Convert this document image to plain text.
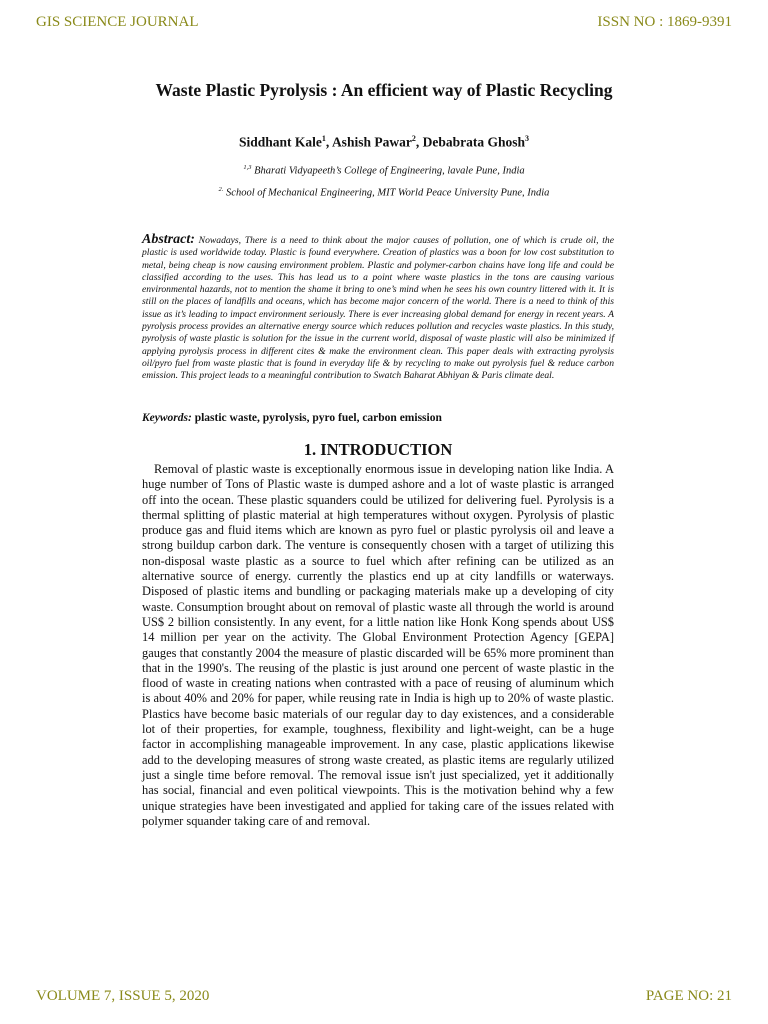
GIS SCIENCE JOURNAL	ISSN NO : 1869-9391
Waste Plastic Pyrolysis : An efficient way of Plastic Recycling
Siddhant Kale$^1$, Ashish Pawar$^2$, Debabrata Ghosh$^3$
$^{1,3}$ Bharati Vidyapeeth’s College of Engineering, lavale Pune, India
$^{2.}$ School of Mechanical Engineering, MIT World Peace University Pune, India
Abstract: Nowadays, There is a need to think about the major causes of pollution, one of which is crude oil, the plastic is used worldwide today. Plastic is found everywhere. Creation of plastics was a boon for low cost substitution to metal, being cheap is now causing environment problem. Plastic and polymer-carbon chains have long life and could be classified according to the uses. This has lead us to a point where waste plastics in the tons are causing various environmental hazards, not to mention the shame it bring to one’s mind when he sees his own country littered with it. It is still on the places of landfills and oceans, which has become major concern of the world. There is a need to think of this issue as it’s leading to impact environment seriously. There is ever increasing global demand for energy in recent years. A pyrolysis process provides an alternative energy source which reduces pollution and recycles waste plastics. In this study, pyrolysis of waste plastic is solution for the issue in the current world, disposal of waste plastic will also be minimized if applying pyrolysis process in different cites & make the environment clean. This paper deals with extracting pyrolysis oil/pyro fuel from waste plastic that is found in everyday life & by recycling to make out pyrolysis fuel & reduce carbon emission. This project leads to a meaningful contribution to Swatch Baharat Abhiyan & Paris climate deal.
Keywords: plastic waste, pyrolysis, pyro fuel, carbon emission
1. INTRODUCTION
Removal of plastic waste is exceptionally enormous issue in developing nation like India. A huge number of Tons of Plastic waste is dumped ashore and a lot of waste plastic is arranged off into the ocean. These plastic squanders could be utilized for delivering fuel. Pyrolysis is a thermal splitting of plastic material at high temperatures without oxygen. Pyrolysis of plastic produce gas and fluid items which are known as pyro fuel or plastic pyrolysis oil and leave a strong buildup carbon dark. The venture is consequently chosen with a target of utilizing this non-disposal waste plastic as a source to fuel which after refining can be utilized as an alternative source of energy. currently the plastics end up at city landfills or waterways. Disposed of plastic items and bundling or packaging materials make up a developing of city waste. Consumption brought about on removal of plastic waste all through the world is around US$ 2 billion consistently. In any event, for a little nation like Honk Kong spends about US$ 14 million per year on the activity. The Global Environment Protection Agency [GEPA] gauges that constantly 2004 the measure of plastic discarded will be 65% more prominent than that in the 1990's. The reusing of the plastic is just around one percent of waste plastic in the flood of waste in creating nations when contrasted with a pace of reusing of aluminum which is about 40% and 20% for paper, while reusing rate in India is high up to 20% of waste plastic. Plastics have become basic materials of our regular day to day existences, and a considerable lot of their properties, for example, toughness, flexibility and light-weight, can be a huge factor in accomplishing manageable improvement. In any case, plastic applications likewise add to the developing measures of strong waste created, as plastic items are regularly utilized just a single time before removal. The removal issue isn't just specialized, yet it additionally has social, financial and even political viewpoints. This is the motivation behind why a few unique strategies have been investigated and applied for taking care of the issues related with polymer squander taking care of and removal.
VOLUME 7, ISSUE 5, 2020	PAGE NO: 21
